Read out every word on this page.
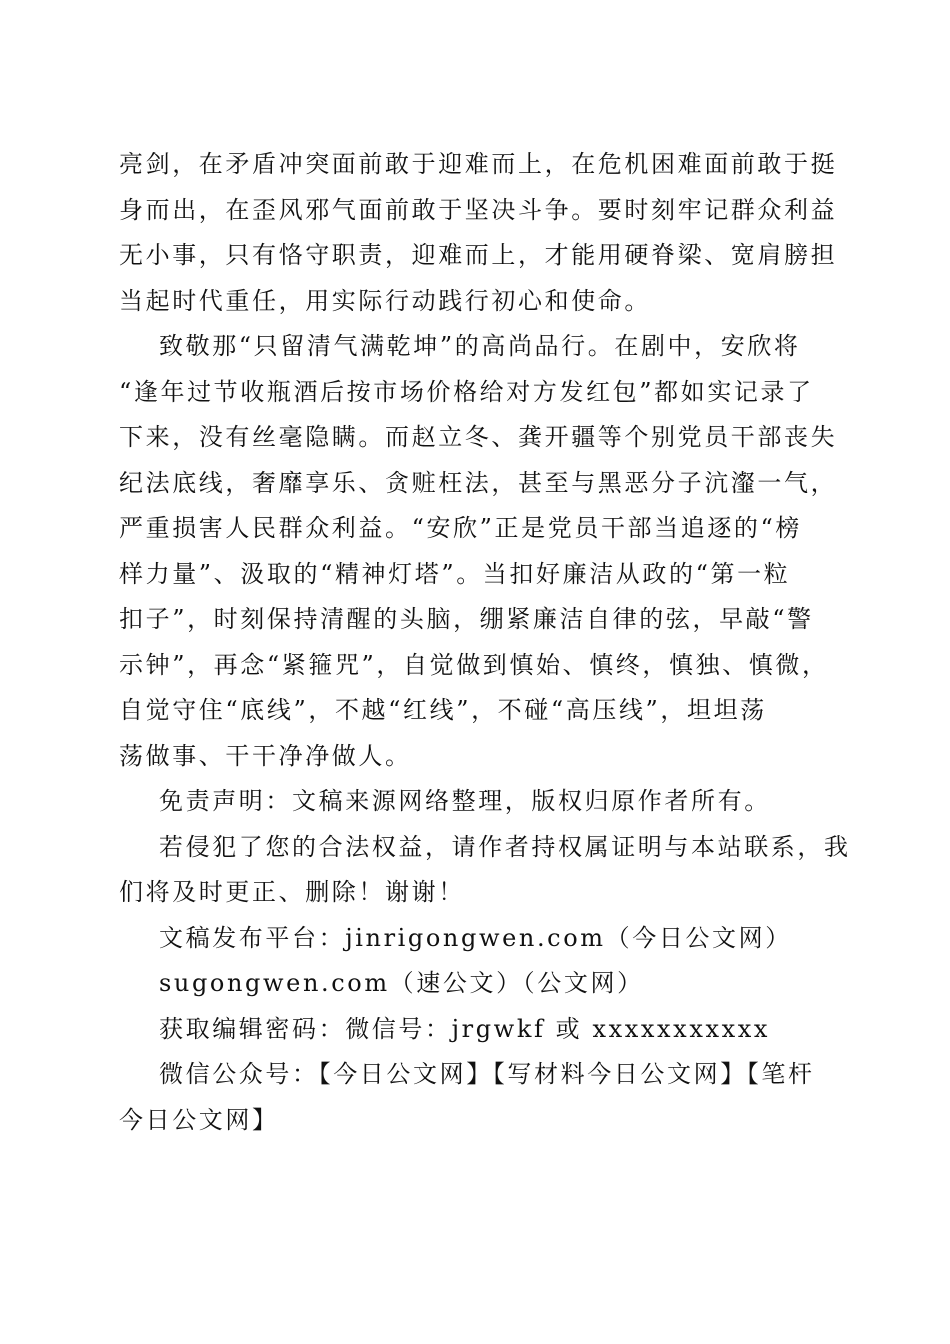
亮剑，在矛盾冲突面前敢于迎难而上，在危机困难面前敢于挺
身而出，在歪风邪气面前敢于坚决斗争。要时刻牢记群众利益
无小事，只有恪守职责，迎难而上，才能用硬脊梁、宽肩膀担
当起时代重任，用实际行动践行初心和使命。
致敬那“只留清气满乾坤”的高尚品行。在剧中，安欣将
“逢年过节收瓶酒后按市场价格给对方发红包”都如实记录了
下来，没有丝毫隐瞒。而赵立冬、龚开疆等个别党员干部丧失
纪法底线，奢靡享乐、贪赃枉法，甚至与黑恶分子沆瀣一气，
严重损害人民群众利益。“安欣”正是党员干部当追逐的“榜
样力量”、汲取的“精神灯塔”。当扣好廉洁从政的“第一粒
扣子”，时刻保持清醒的头脑，绷紧廉洁自律的弦，早敲“警
示钟”，再念“紧箍咒”，自觉做到慎始、慎终，慎独、慎微，
自觉守住“底线”，不越“红线”，不碰“高压线”，坦坦荡
荡做事、干干净净做人。
免责声明：文稿来源网络整理，版权归原作者所有。
若侵犯了您的合法权益，请作者持权属证明与本站联系，我
们将及时更正、删除！谢谢！
文稿发布平台：jinrigongwen.com（今日公文网）
sugongwen.com（速公文）（公文网）
获取编辑密码：微信号：jrgwkf 或 xxxxxxxxxxx
微信公众号：【今日公文网】【写材料今日公文网】【笔杆
今日公文网】
